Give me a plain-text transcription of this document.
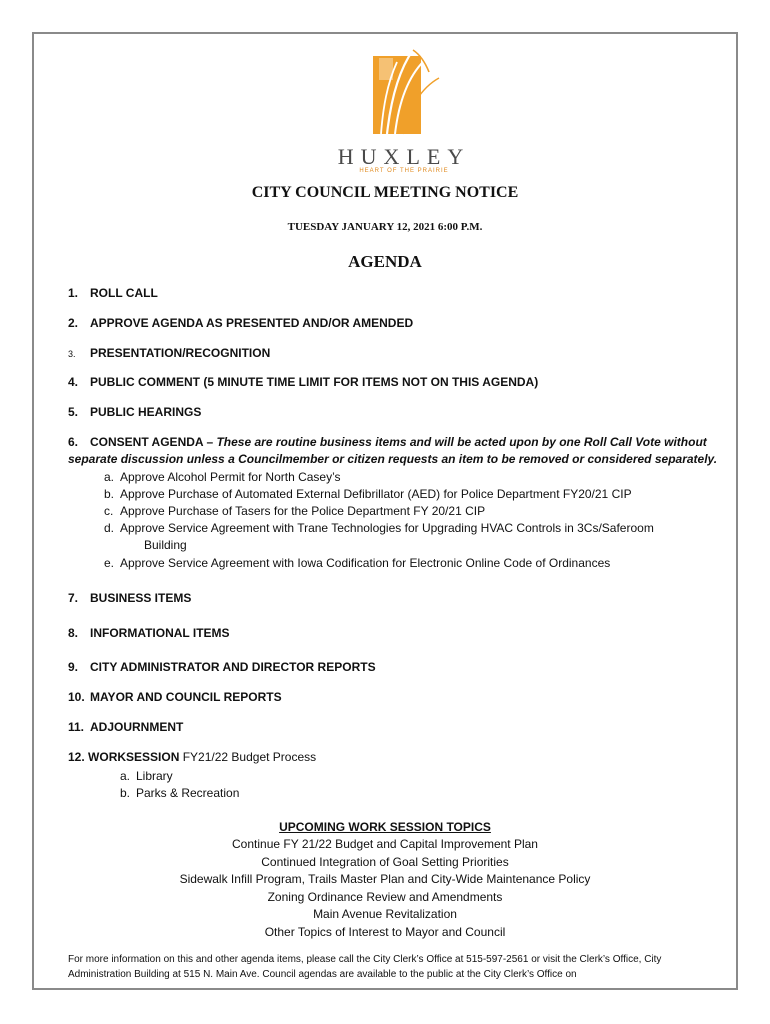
HUXLEY
HEART OF THE PRAIRIE
CITY COUNCIL MEETING NOTICE
TUESDAY JANUARY 12, 2021 6:00 P.M.
AGENDA
1. ROLL CALL
2. APPROVE AGENDA AS PRESENTED AND/OR AMENDED
3. PRESENTATION/RECOGNITION
4. PUBLIC COMMENT (5 MINUTE TIME LIMIT FOR ITEMS NOT ON THIS AGENDA)
5. PUBLIC HEARINGS
6. CONSENT AGENDA – These are routine business items and will be acted upon by one Roll Call Vote without separate discussion unless a Councilmember or citizen requests an item to be removed or considered separately.
a. Approve Alcohol Permit for North Casey’s
b. Approve Purchase of Automated External Defibrillator (AED) for Police Department FY20/21 CIP
c. Approve Purchase of Tasers for the Police Department FY 20/21 CIP
d. Approve Service Agreement with Trane Technologies for Upgrading HVAC Controls in 3Cs/Saferoom
Building
e. Approve Service Agreement with Iowa Codification for Electronic Online Code of Ordinances
7. BUSINESS ITEMS
8. INFORMATIONAL ITEMS
9. CITY ADMINISTRATOR AND DIRECTOR REPORTS
10. MAYOR AND COUNCIL REPORTS
11. ADJOURNMENT
12. WORKSESSION FY21/22 Budget Process
a. Library
b. Parks & Recreation
UPCOMING WORK SESSION TOPICS
Continue FY 21/22 Budget and Capital Improvement Plan
Continued Integration of Goal Setting Priorities
Sidewalk Infill Program, Trails Master Plan and City-Wide Maintenance Policy
Zoning Ordinance Review and Amendments
Main Avenue Revitalization
Other Topics of Interest to Mayor and Council
For more information on this and other agenda items, please call the City Clerk’s Office at 515-597-2561 or visit the Clerk’s Office, City Administration Building at 515 N. Main Ave. Council agendas are available to the public at the City Clerk’s Office on
